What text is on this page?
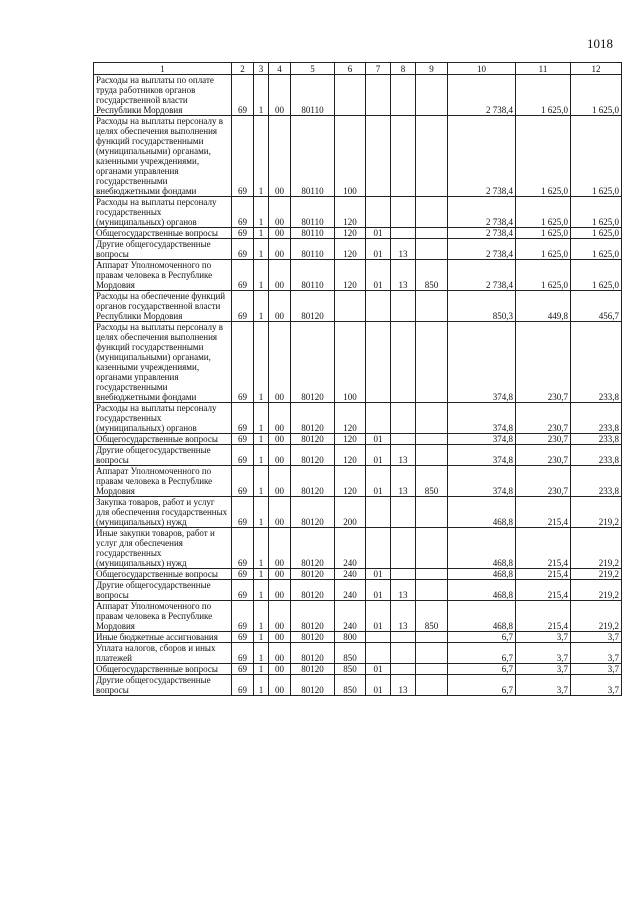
1018
1	2	3	4	5	6	7	8	9	10	11	12
Расходы на выплаты по оплате труда работников органов государственной власти Республики Мордовия	69	1	00	80110					2 738,4	1 625,0	1 625,0
Расходы на выплаты персоналу в целях обеспечения выполнения функций государственными (муниципальными) органами, казенными учреждениями, органами управления государственными внебюджетными фондами	69	1	00	80110	100				2 738,4	1 625,0	1 625,0
Расходы на выплаты персоналу государственных (муниципальных) органов	69	1	00	80110	120				2 738,4	1 625,0	1 625,0
Общегосударственные вопросы	69	1	00	80110	120	01			2 738,4	1 625,0	1 625,0
Другие общегосударственные вопросы	69	1	00	80110	120	01	13		2 738,4	1 625,0	1 625,0
Аппарат Уполномоченного по правам человека в Республике Мордовия	69	1	00	80110	120	01	13	850	2 738,4	1 625,0	1 625,0
Расходы на обеспечение функций органов государственной власти Республики Мордовия	69	1	00	80120					850,3	449,8	456,7
Расходы на выплаты персоналу в целях обеспечения выполнения функций государственными (муниципальными) органами, казенными учреждениями, органами управления государственными внебюджетными фондами	69	1	00	80120	100				374,8	230,7	233,8
Расходы на выплаты персоналу государственных (муниципальных) органов	69	1	00	80120	120				374,8	230,7	233,8
Общегосударственные вопросы	69	1	00	80120	120	01			374,8	230,7	233,8
Другие общегосударственные вопросы	69	1	00	80120	120	01	13		374,8	230,7	233,8
Аппарат Уполномоченного по правам человека в Республике Мордовия	69	1	00	80120	120	01	13	850	374,8	230,7	233,8
Закупка товаров, работ и услуг для обеспечения государственных (муниципальных) нужд	69	1	00	80120	200				468,8	215,4	219,2
Иные закупки товаров, работ и услуг для обеспечения государственных (муниципальных) нужд	69	1	00	80120	240				468,8	215,4	219,2
Общегосударственные вопросы	69	1	00	80120	240	01			468,8	215,4	219,2
Другие общегосударственные вопросы	69	1	00	80120	240	01	13		468,8	215,4	219,2
Аппарат Уполномоченного по правам человека в Республике Мордовия	69	1	00	80120	240	01	13	850	468,8	215,4	219,2
Иные бюджетные ассигнования	69	1	00	80120	800				6,7	3,7	3,7
Уплата налогов, сборов и иных платежей	69	1	00	80120	850				6,7	3,7	3,7
Общегосударственные вопросы	69	1	00	80120	850	01			6,7	3,7	3,7
Другие общегосударственные вопросы	69	1	00	80120	850	01	13		6,7	3,7	3,7
